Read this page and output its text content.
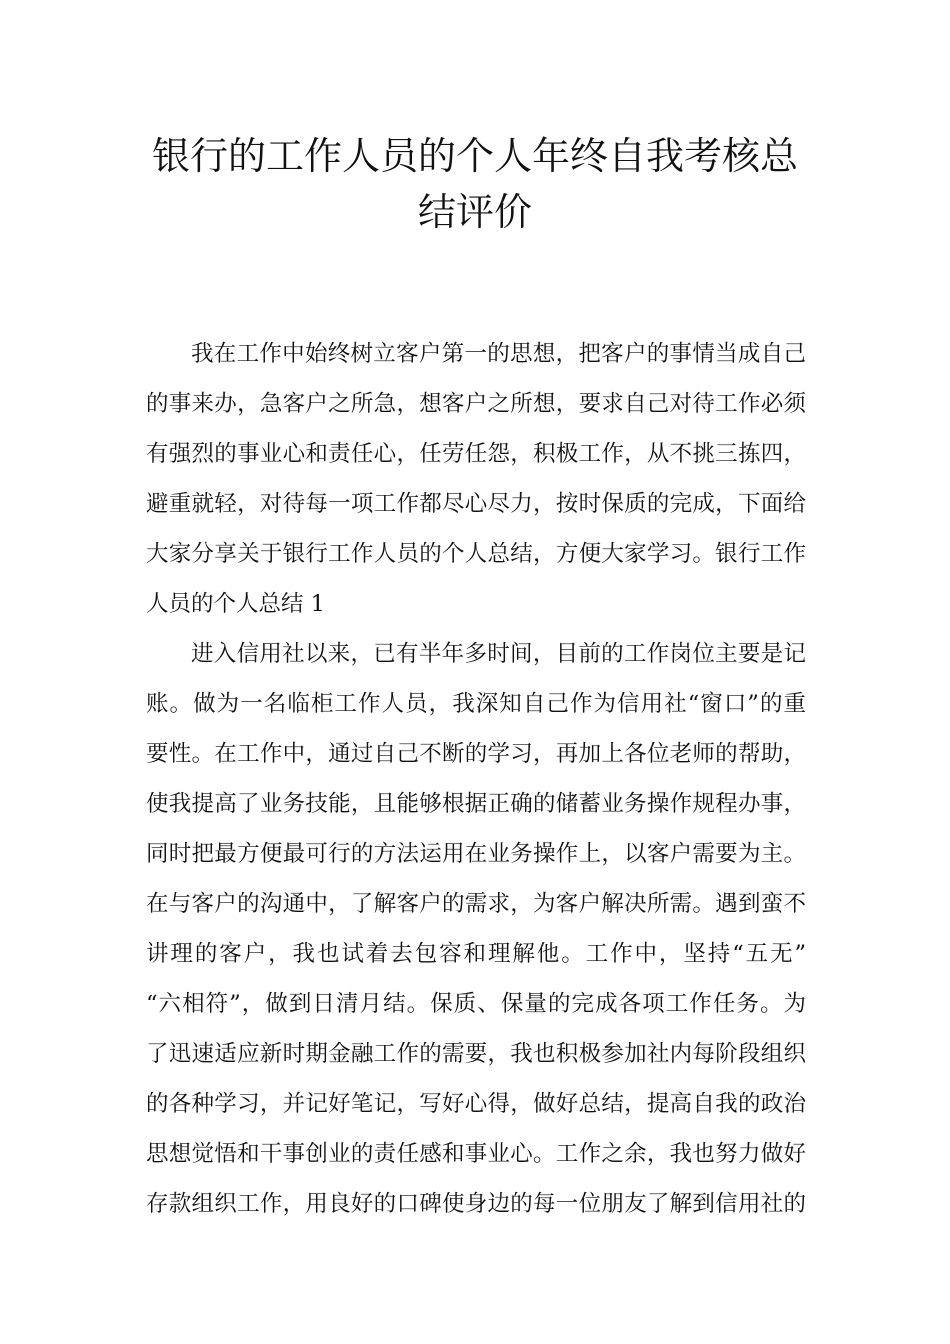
银行的工作人员的个人年终自我考核总
结评价
我在工作中始终树立客户第一的思想，把客户的事情当成自己
的事来办，急客户之所急，想客户之所想，要求自己对待工作必须
有强烈的事业心和责任心，任劳任怨，积极工作，从不挑三拣四，
避重就轻，对待每一项工作都尽心尽力，按时保质的完成，下面给
大家分享关于银行工作人员的个人总结，方便大家学习。银行工作
人员的个人总结 1
进入信用社以来，已有半年多时间，目前的工作岗位主要是记
账。做为一名临柜工作人员，我深知自己作为信用社“窗口”的重
要性。在工作中，通过自己不断的学习，再加上各位老师的帮助，
使我提高了业务技能，且能够根据正确的储蓄业务操作规程办事，
同时把最方便最可行的方法运用在业务操作上，以客户需要为主。
在与客户的沟通中，了解客户的需求，为客户解决所需。遇到蛮不
讲理的客户，我也试着去包容和理解他。工作中，坚持“五无”
“六相符”，做到日清月结。保质、保量的完成各项工作任务。为
了迅速适应新时期金融工作的需要，我也积极参加社内每阶段组织
的各种学习，并记好笔记，写好心得，做好总结，提高自我的政治
思想觉悟和干事创业的责任感和事业心。工作之余，我也努力做好
存款组织工作，用良好的口碑使身边的每一位朋友了解到信用社的
